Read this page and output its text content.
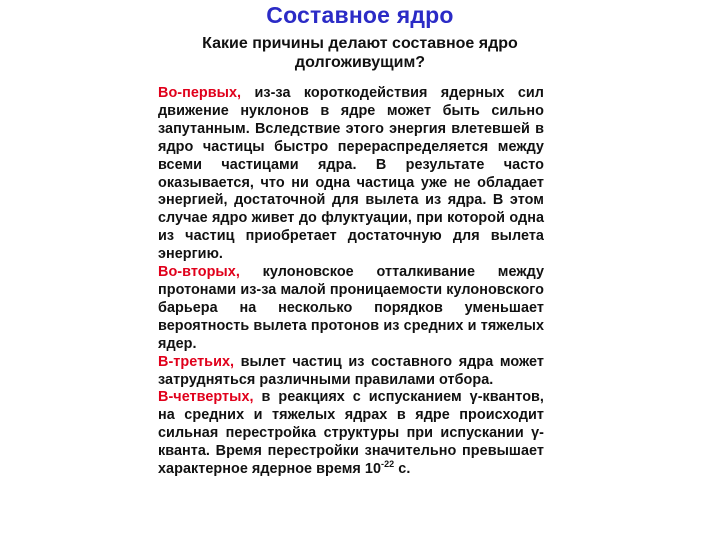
Составное ядро
Какие причины делают составное ядро
долгоживущим?

Во-первых, из-за короткодействия ядерных сил движение нуклонов в ядре может быть сильно запутанным. Вследствие этого энергия влетевшей в ядро частицы быстро перераспределяется между всеми частицами ядра. В результате часто оказывается, что ни одна частица уже не обладает энергией, достаточной для вылета из ядра. В этом случае ядро живет до флуктуации, при которой одна из частиц приобретает достаточную для вылета энергию.

Во-вторых, кулоновское отталкивание между протонами из-за малой проницаемости кулоновского барьера на несколько порядков уменьшает вероятность вылета протонов из средних и тяжелых ядер.

В-третьих, вылет частиц из составного ядра может затрудняться различными правилами отбора.

В-четвертых, в реакциях с испусканием γ-квантов, на средних и тяжелых ядрах в ядре происходит сильная перестройка структуры при испускании γ-кванта. Время перестройки значительно превышает характерное ядерное время $10^{-22}$ с.
